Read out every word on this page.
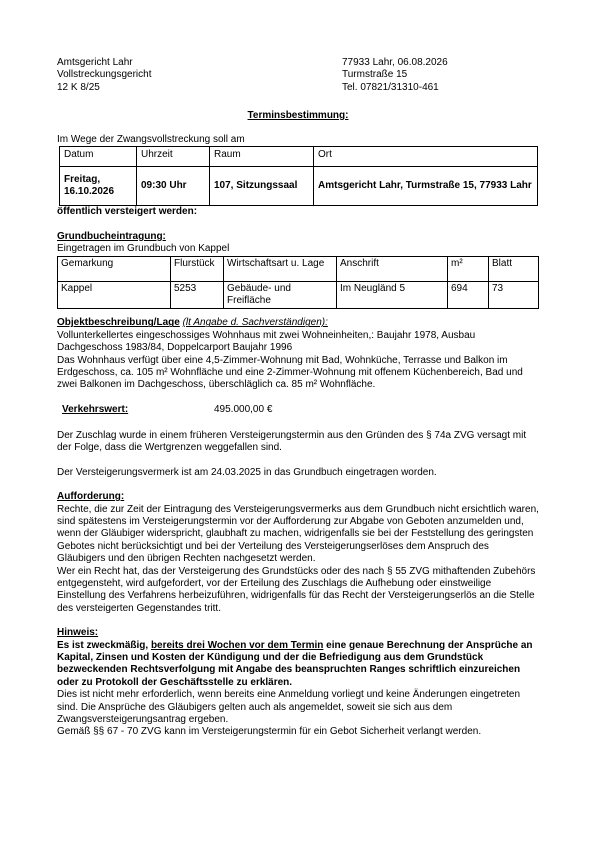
Amtsgericht Lahr
Vollstreckungsgericht
12 K 8/25
77933 Lahr, 06.08.2026
Turmstraße 15
Tel. 07821/31310-461
Terminsbestimmung:
Im Wege der Zwangsvollstreckung soll am
Datum	Uhrzeit	Raum	Ort
Freitag, 16.10.2026	09:30 Uhr	107, Sitzungssaal	Amtsgericht Lahr, Turmstraße 15, 77933 Lahr
öffentlich versteigert werden:
Grundbucheintragung:
Eingetragen im Grundbuch von Kappel
Gemarkung	Flurstück	Wirtschaftsart u. Lage	Anschrift	m²	Blatt
Kappel	5253	Gebäude- und Freifläche	Im Neugländ 5	694	73
Objektbeschreibung/Lage (lt Angabe d. Sachverständigen):

Vollunterkellertes eingeschossiges Wohnhaus mit zwei Wohneinheiten,: Baujahr 1978, Ausbau Dachgeschoss 1983/84, Doppelcarport Baujahr 1996

Das Wohnhaus verfügt über eine 4,5-Zimmer-Wohnung mit Bad, Wohnküche, Terrasse und Balkon im Erdgeschoss, ca. 105 m² Wohnfläche und eine 2-Zimmer-Wohnung mit offenem Küchenbereich, Bad und zwei Balkonen im Dachgeschoss, überschläglich ca. 85 m² Wohnfläche.

Verkehrswert:	495.000,00 €

Der Zuschlag wurde in einem früheren Versteigerungstermin aus den Gründen des § 74a ZVG versagt mit der Folge, dass die Wertgrenzen weggefallen sind.

Der Versteigerungsvermerk ist am 24.03.2025 in das Grundbuch eingetragen worden.

Aufforderung:

Rechte, die zur Zeit der Eintragung des Versteigerungsvermerks aus dem Grundbuch nicht ersichtlich waren, sind spätestens im Versteigerungstermin vor der Aufforderung zur Abgabe von Geboten anzumelden und, wenn der Gläubiger widerspricht, glaubhaft zu machen, widrigenfalls sie bei der Feststellung des geringsten Gebotes nicht berücksichtigt und bei der Verteilung des Versteigerungserlöses dem Anspruch des Gläubigers und den übrigen Rechten nachgesetzt werden.

Wer ein Recht hat, das der Versteigerung des Grundstücks oder des nach § 55 ZVG mithaftenden Zubehörs entgegensteht, wird aufgefordert, vor der Erteilung des Zuschlags die Aufhebung oder einstweilige Einstellung des Verfahrens herbeizuführen, widrigenfalls für das Recht der Versteigerungserlös an die Stelle des versteigerten Gegenstandes tritt.

Hinweis:

Es ist zweckmäßig, bereits drei Wochen vor dem Termin eine genaue Berechnung der Ansprüche an Kapital, Zinsen und Kosten der Kündigung und der die Befriedigung aus dem Grundstück bezweckenden Rechtsverfolgung mit Angabe des beanspruchten Ranges schriftlich einzureichen oder zu Protokoll der Geschäftsstelle zu erklären.

Dies ist nicht mehr erforderlich, wenn bereits eine Anmeldung vorliegt und keine Änderungen eingetreten sind. Die Ansprüche des Gläubigers gelten auch als angemeldet, soweit sie sich aus dem Zwangsversteigerungsantrag ergeben.

Gemäß §§ 67 - 70 ZVG kann im Versteigerungstermin für ein Gebot Sicherheit verlangt werden.
